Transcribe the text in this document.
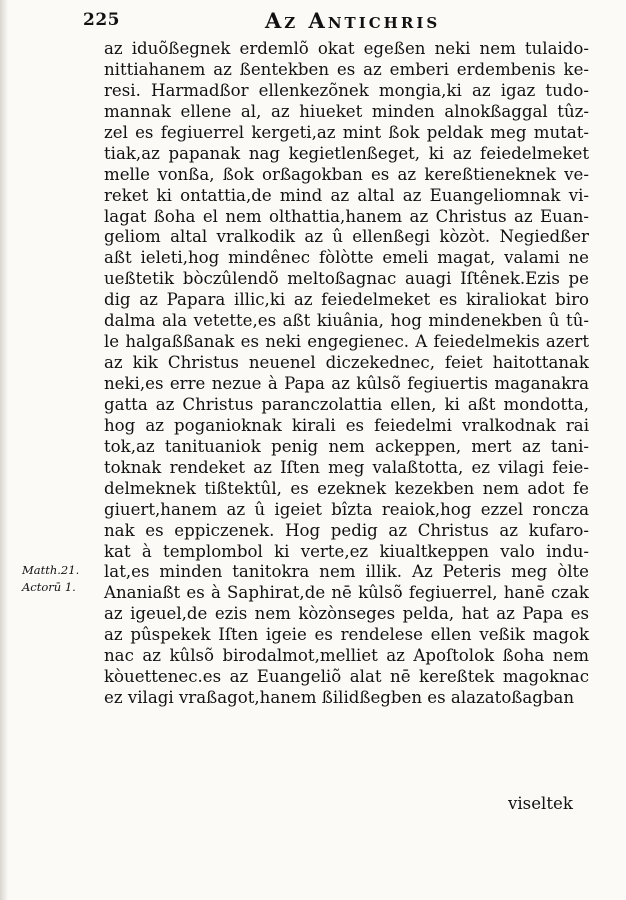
225	Az Antichris
Matth.21.
Actorū 1.
az iduõßegnek erdemlõ okat egeßen neki nem tulaido-
nittiahanem az ßentekben es az emberi erdembenis ke-
resi. Harmadßor ellenkezõnek mongia,ki az igaz tudo-
mannak ellene al, az hiueket minden alnokßaggal tûz-
zel es fegiuerrel kergeti,az mint ßok peldak meg mutat-
tiak,az papanak nag kegietlenßeget, ki az feiedelmeket
melle vonßa, ßok orßagokban es az kereßtieneknek ve-
reket ki ontattia,de mind az altal az Euangeliomnak vi-
lagat ßoha el nem olthattia,hanem az Christus az Euan-
geliom altal vralkodik az û ellenßegi kòzòt. Negiedßer
aßt ieleti,hog mindênec fòlòtte emeli magat, valami ne
ueßtetik bòczûlendõ meltoßagnac auagi Iſtênek.Ezis pe
dig az Papara illic,ki az feiedelmeket es kiraliokat biro
dalma ala vetette,es aßt kiuânia, hog mindenekben û tû-
le halgaßßanak es neki engegienec. A feiedelmekis azert
az kik Christus neuenel diczekednec, feiet haitottanak
neki,es erre nezue à Papa az kûlsõ fegiuertis maganakra
gatta az Christus paranczolattia ellen, ki aßt mondotta,
hog az poganioknak kirali es feiedelmi vralkodnak rai
tok,az tanituaniok penig nem ackeppen, mert az tani-
toknak rendeket az Iſten meg valaßtotta, ez vilagi feie-
delmeknek tißtektûl, es ezeknek kezekben nem adot fe
giuert,hanem az û igeiet bîzta reaiok,hog ezzel roncza
nak es eppiczenek. Hog pedig az Christus az kufaro-
kat à templombol ki verte,ez kiualtkeppen valo indu-
lat,es minden tanitokra nem illik. Az Peteris meg òlte
Ananiaßt es à Saphirat,de nē kûlsõ fegiuerrel, hanē czak
az igeuel,de ezis nem kòzònseges pelda, hat az Papa es
az pûspekek Iſten igeie es rendelese ellen veßik magok
nac az kûlsõ birodalmot,melliet az Apoſtolok ßoha nem
kòuettenec.es az Euangeliõ alat nē kereßtek magoknac
ez vilagi vraßagot,hanem ßilidßegben es alazatoßagban
viseltek
